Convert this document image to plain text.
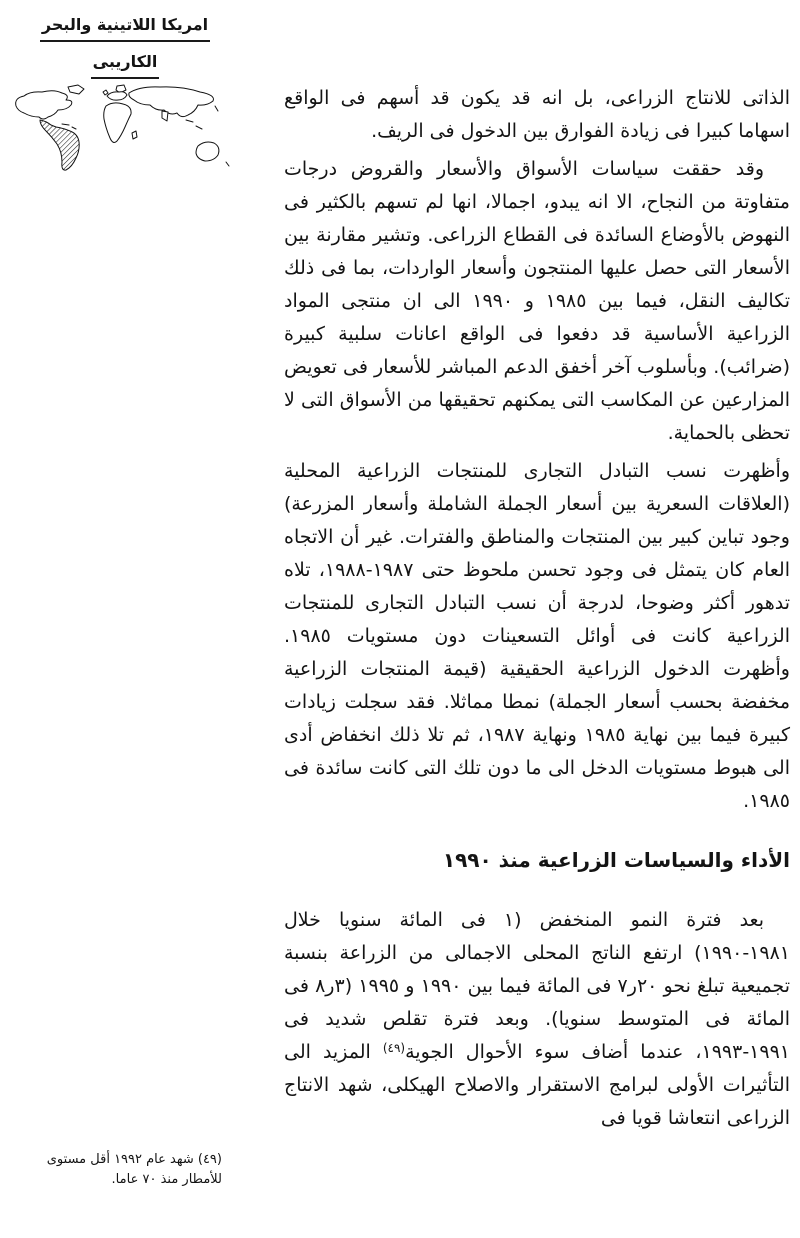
امريكا اللاتينية والبحر
الكاريبى

الذاتى للانتاج الزراعى، بل انه قد يكون قد أسهم فى الواقع اسهاما كبيرا فى زيادة الفوارق بين الدخول فى الريف.

وقد حققت سياسات الأسواق والأسعار والقروض درجات متفاوتة من النجاح، الا انه يبدو، اجمالا، انها لم تسهم بالكثير فى النهوض بالأوضاع السائدة فى القطاع الزراعى. وتشير مقارنة بين الأسعار التى حصل عليها المنتجون وأسعار الواردات، بما فى ذلك تكاليف النقل، فيما بين ١٩٨٥ و ١٩٩٠ الى ان منتجى المواد الزراعية الأساسية قد دفعوا فى الواقع اعانات سلبية كبيرة (ضرائب). وبأسلوب آخر أخفق الدعم المباشر للأسعار فى تعويض المزارعين عن المكاسب التى يمكنهم تحقيقها من الأسواق التى لا تحظى بالحماية.

وأظهرت نسب التبادل التجارى للمنتجات الزراعية المحلية (العلاقات السعرية بين أسعار الجملة الشاملة وأسعار المزرعة) وجود تباين كبير بين المنتجات والمناطق والفترات. غير أن الاتجاه العام كان يتمثل فى وجود تحسن ملحوظ حتى ١٩٨٧-١٩٨٨، تلاه تدهور أكثر وضوحا، لدرجة أن نسب التبادل التجارى للمنتجات الزراعية كانت فى أوائل التسعينات دون مستويات ١٩٨٥. وأظهرت الدخول الزراعية الحقيقية (قيمة المنتجات الزراعية مخفضة بحسب أسعار الجملة) نمطا مماثلا. فقد سجلت زيادات كبيرة فيما بين نهاية ١٩٨٥ ونهاية ١٩٨٧، ثم تلا ذلك انخفاض أدى الى هبوط مستويات الدخل الى ما دون تلك التى كانت سائدة فى ١٩٨٥.

الأداء والسياسات الزراعية منذ ١٩٩٠

بعد فترة النمو المنخفض (١ فى المائة سنويا خلال ١٩٨١-١٩٩٠) ارتفع الناتج المحلى الاجمالى من الزراعة بنسبة تجميعية تبلغ نحو ٢٠ر٧ فى المائة فيما بين ١٩٩٠ و ١٩٩٥ (٣ر٨ فى المائة فى المتوسط سنويا). وبعد فترة تقلص شديد فى ١٩٩١-١٩٩٣، عندما أضاف سوء الأحوال الجوية$^{(٤٩)}$ المزيد الى التأثيرات الأولى لبرامج الاستقرار والاصلاح الهيكلى، شهد الانتاج الزراعى انتعاشا قويا فى

(٤٩) شهد عام ١٩٩٢ أقل مستوى للأمطار منذ ٧٠ عاما.
